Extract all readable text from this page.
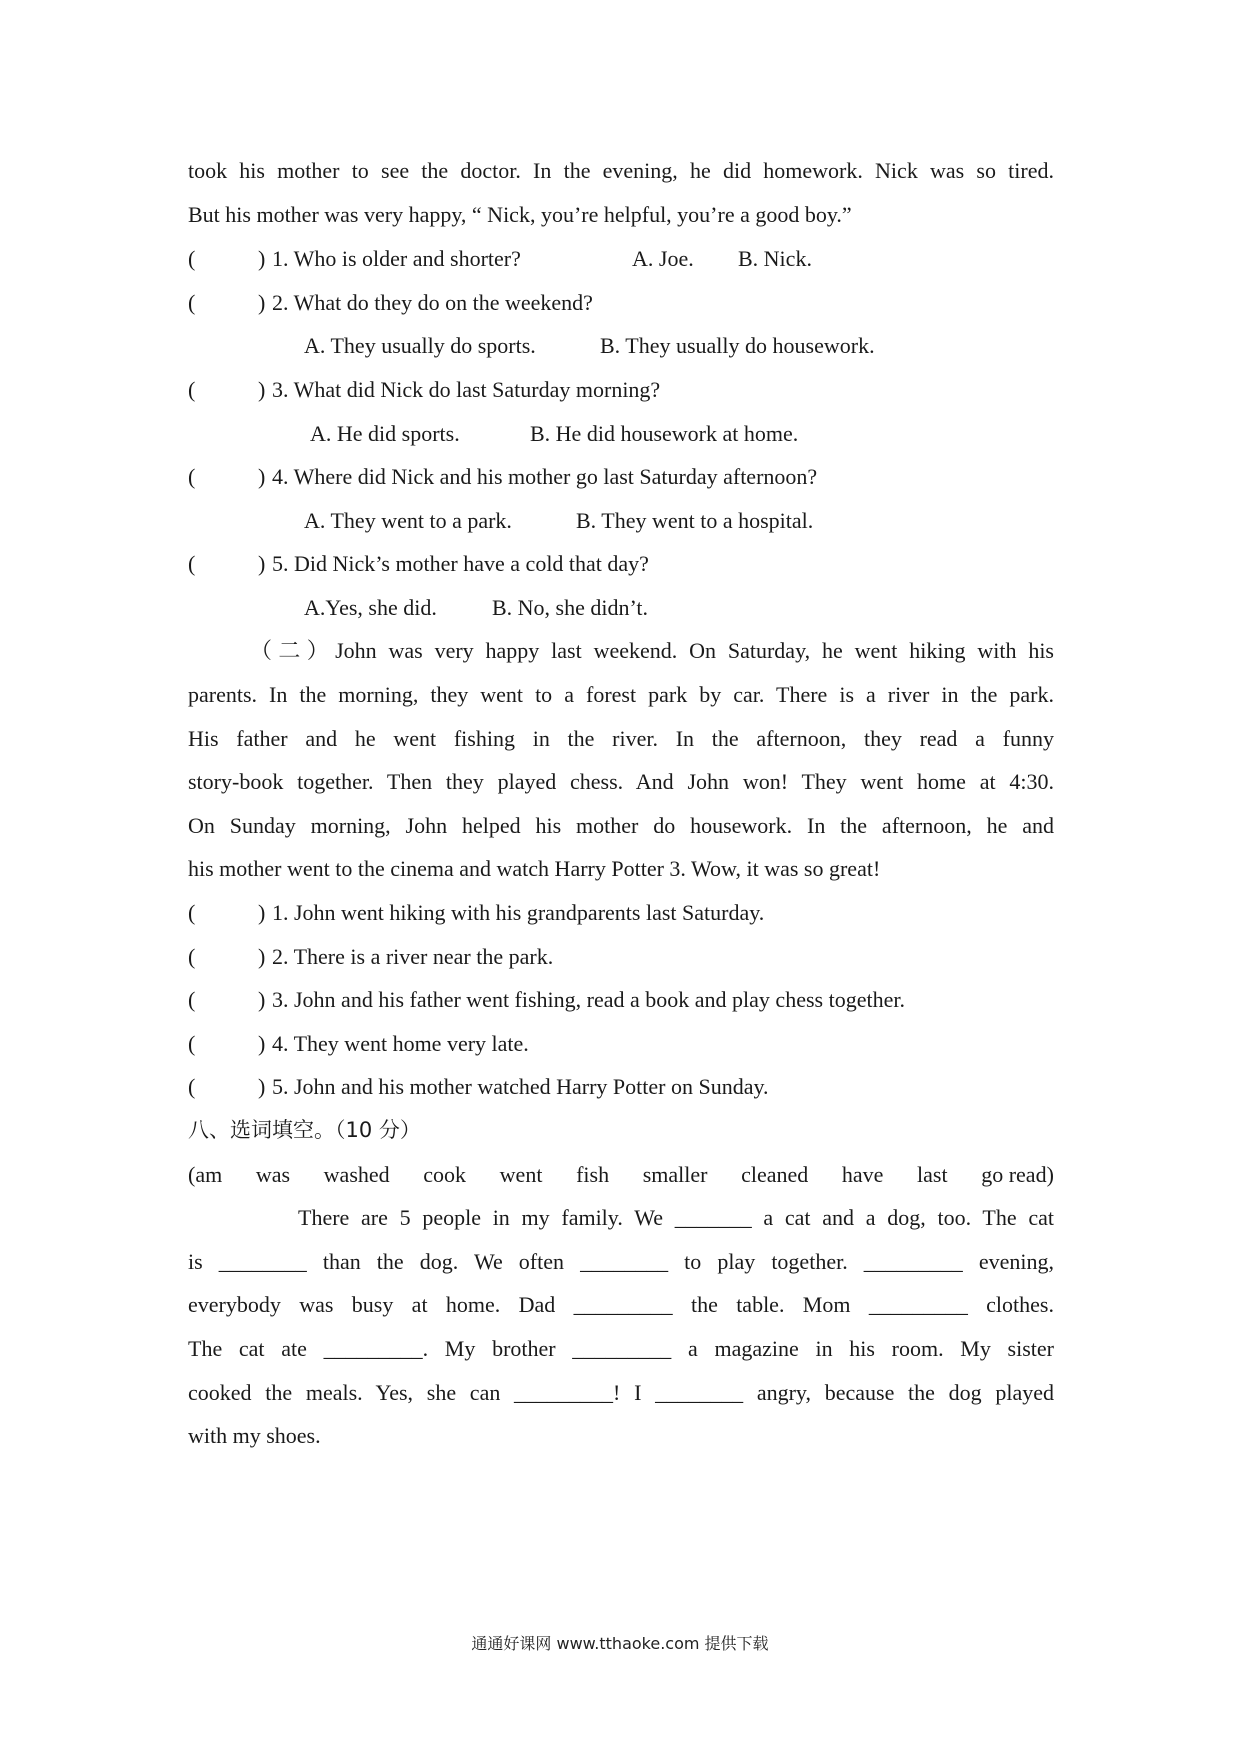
took his mother to see the doctor. In the evening, he did homework. Nick was so tired.
But his mother was very happy, “ Nick, you’re helpful, you’re a good boy.”
(	) 1. Who is older and shorter?	A. Joe. B. Nick.
(	) 2. What do they do on the weekend?
A. They usually do sports.	B. They usually do housework.
(	) 3. What did Nick do last Saturday morning?
A. He did sports.	B. He did housework at home.
(	) 4. Where did Nick and his mother go last Saturday afternoon?
A. They went to a park.	B. They went to a hospital.
(	) 5. Did Nick’s mother have a cold that day?
A.Yes, she did.	B. No, she didn’t.
（二）John was very happy last weekend. On Saturday, he went hiking with his
parents. In the morning, they went to a forest park by car. There is a river in the park.
His father and he went fishing in the river. In the afternoon, they read a funny
story-book together. Then they played chess. And John won! They went home at 4:30.
On Sunday morning, John helped his mother do housework. In the afternoon, he and
his mother went to the cinema and watch Harry Potter 3. Wow, it was so great!
(	) 1. John went hiking with his grandparents last Saturday.
(	) 2. There is a river near the park.
(	) 3. John and his father went fishing, read a book and play chess together.
(	) 4. They went home very late.
(	) 5. John and his mother watched Harry Potter on Sunday.
八、选词填空。（10 分）
(am was washed cook went fish smaller cleaned have last go read)
There are 5 people in my family. We _______ a cat and a dog, too. The cat
is ________ than the dog. We often ________ to play together. _________ evening,
everybody was busy at home. Dad _________ the table. Mom _________ clothes.
The cat ate _________. My brother _________ a magazine in his room. My sister
cooked the meals. Yes, she can _________! I ________ angry, because the dog played
with my shoes.
通通好课网 www.tthaoke.com 提供下载
